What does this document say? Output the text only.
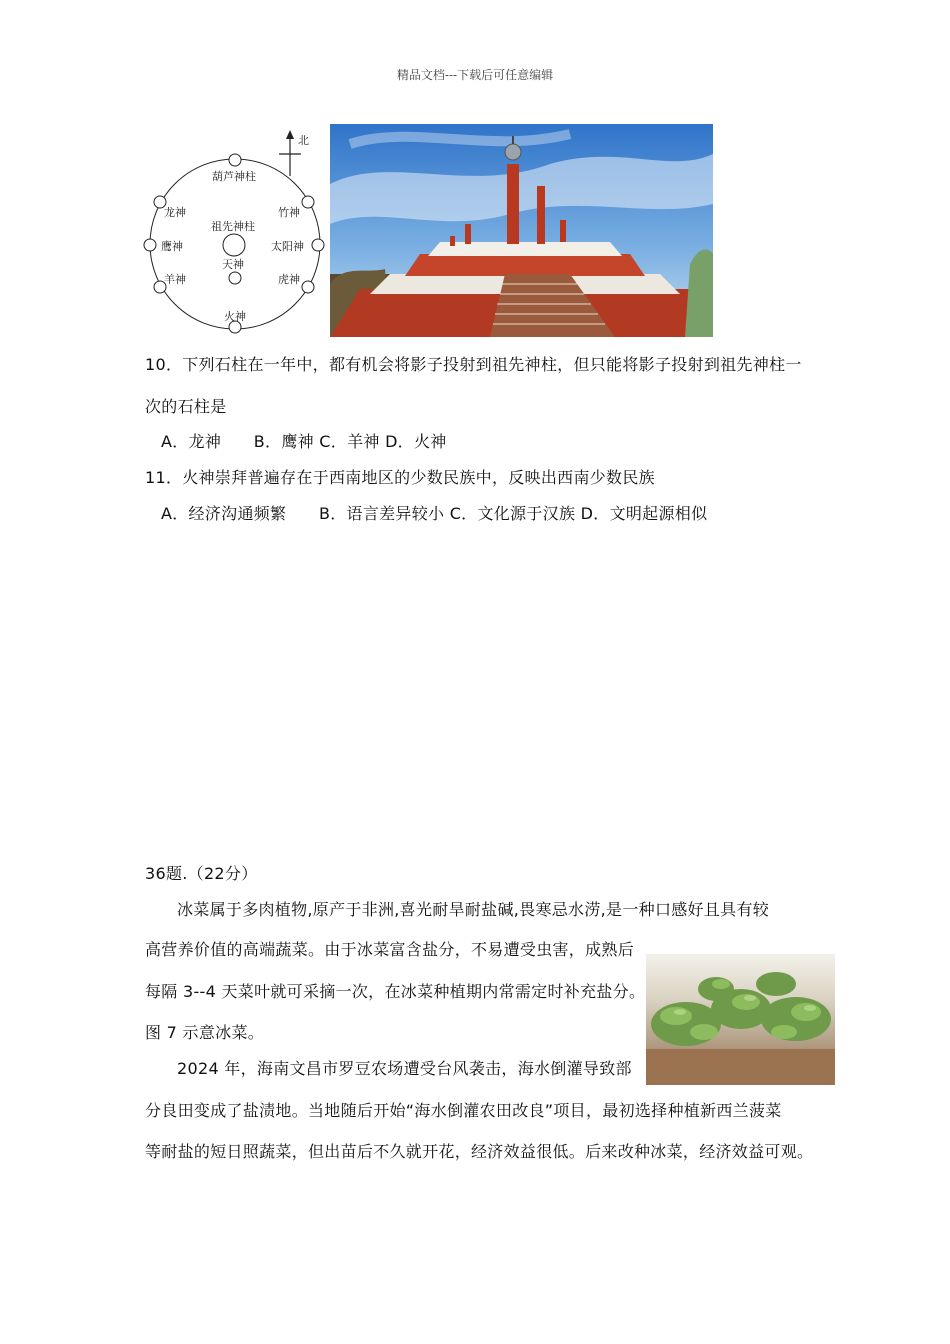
精品文档---下载后可任意编辑
北
葫芦神柱
龙神	竹神
祖先神柱
鹰神	太阳神
天神
羊神	虎神
火神
10．下列石柱在一年中，都有机会将影子投射到祖先神柱，但只能将影子投射到祖先神柱一
次的石柱是
A．龙神　　B．鹰神 C．羊神 D．火神
11．火神崇拜普遍存在于西南地区的少数民族中，反映出西南少数民族
A．经济沟通频繁　　B．语言差异较小 C．文化源于汉族 D．文明起源相似
36题.（22分）
冰菜属于多肉植物,原产于非洲,喜光耐旱耐盐碱,畏寒忌水涝,是一种口感好且具有较
高营养价值的高端蔬菜。由于冰菜富含盐分，不易遭受虫害，成熟后
每隔 3--4 天菜叶就可采摘一次，在冰菜种植期内常需定时补充盐分。
图 7 示意冰菜。
2024 年，海南文昌市罗豆农场遭受台风袭击，海水倒灌导致部
分良田变成了盐渍地。当地随后开始“海水倒灌农田改良”项目，最初选择种植新西兰菠菜
等耐盐的短日照蔬菜，但出苗后不久就开花，经济效益很低。后来改种冰菜，经济效益可观。
